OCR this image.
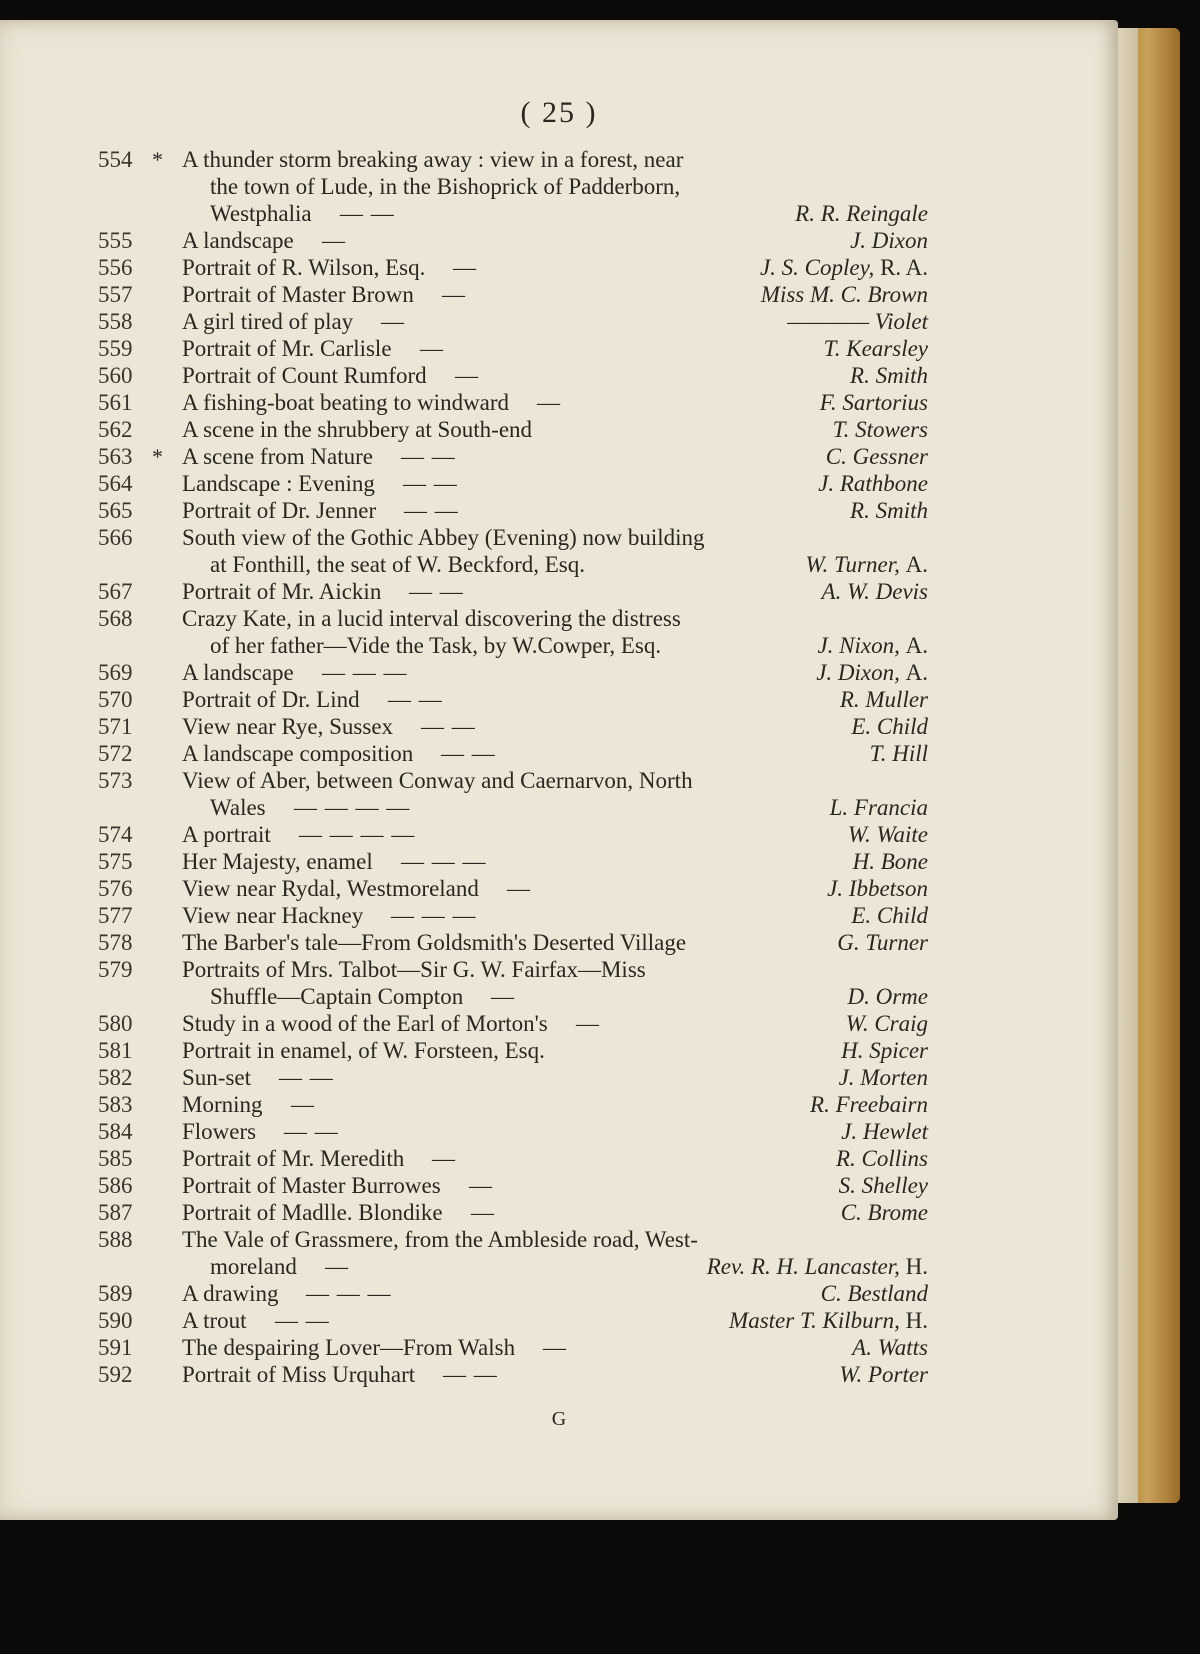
( 25 )
554 * A thunder storm breaking away : view in a forest, near
the town of Lude, in the Bishoprick of Padderborn,
Westphalia — —	R. R. Reingale
555	A landscape —	J. Dixon
556	Portrait of R. Wilson, Esq. —	J. S. Copley, R. A.
557	Portrait of Master Brown —	Miss M. C. Brown
558	A girl tired of play —	———— Violet
559	Portrait of Mr. Carlisle —	T. Kearsley
560	Portrait of Count Rumford —	R. Smith
561	A fishing-boat beating to windward —	F. Sartorius
562	A scene in the shrubbery at South-end	T. Stowers
563 * A scene from Nature — —	C. Gessner
564	Landscape : Evening — —	J. Rathbone
565	Portrait of Dr. Jenner — —	R. Smith
566	South view of the Gothic Abbey (Evening) now building
at Fonthill, the seat of W. Beckford, Esq.	W. Turner, A.
567	Portrait of Mr. Aickin — —	A. W. Devis
568	Crazy Kate, in a lucid interval discovering the distress
of her father—Vide the Task, by W.Cowper, Esq.	J. Nixon, A.
569	A landscape — — —	J. Dixon, A.
570	Portrait of Dr. Lind — —	R. Muller
571	View near Rye, Sussex — —	E. Child
572	A landscape composition — —	T. Hill
573	View of Aber, between Conway and Caernarvon, North
Wales — — — —	L. Francia
574	A portrait — — — —	W. Waite
575	Her Majesty, enamel — — —	H. Bone
576	View near Rydal, Westmoreland —	J. Ibbetson
577	View near Hackney — — —	E. Child
578	The Barber's tale—From Goldsmith's Deserted Village	G. Turner
579	Portraits of Mrs. Talbot—Sir G. W. Fairfax—Miss
Shuffle—Captain Compton —	D. Orme
580	Study in a wood of the Earl of Morton's —	W. Craig
581	Portrait in enamel, of W. Forsteen, Esq.	H. Spicer
582	Sun-set — —	J. Morten
583	Morning —	R. Freebairn
584	Flowers — —	J. Hewlet
585	Portrait of Mr. Meredith —	R. Collins
586	Portrait of Master Burrowes —	S. Shelley
587	Portrait of Madlle. Blondike —	C. Brome
588	The Vale of Grassmere, from the Ambleside road, West-
moreland —	Rev. R. H. Lancaster, H.
589	A drawing — — —	C. Bestland
590	A trout — —	Master T. Kilburn, H.
591	The despairing Lover—From Walsh —	A. Watts
592	Portrait of Miss Urquhart — —	W. Porter
G
